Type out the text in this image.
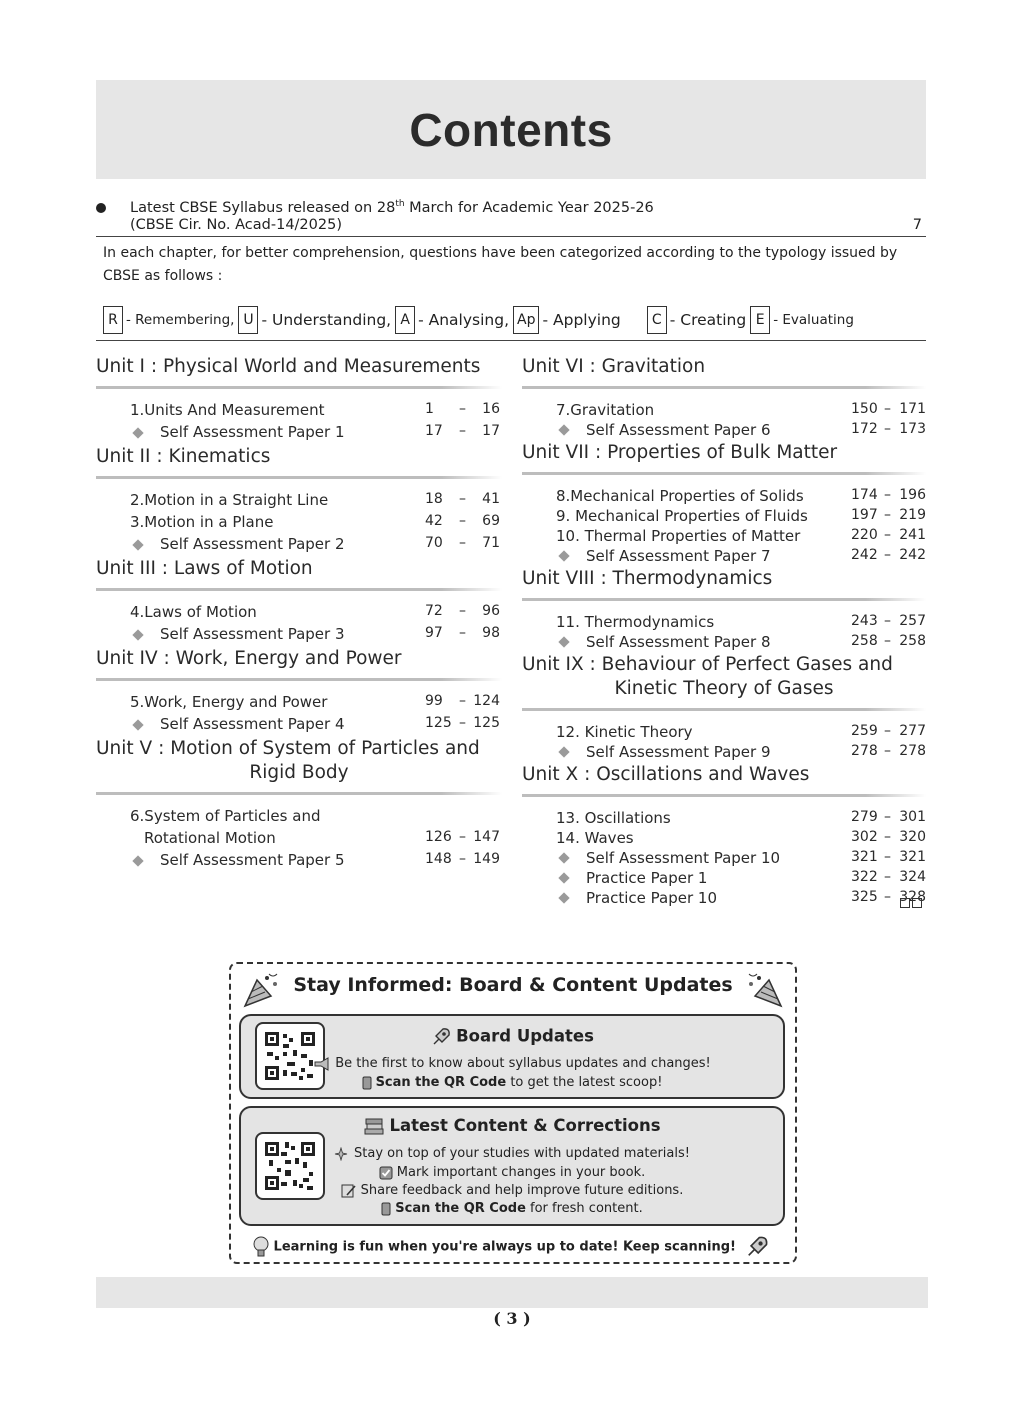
Contents
Latest CBSE Syllabus released on 28th March for Academic Year 2025-26
(CBSE Cir. No. Acad-14/2025)	7
In each chapter, for better comprehension, questions have been categorized according to the typology issued by CBSE as follows :
R - Remembering, U - Understanding, A - Analysing, Ap - Applying	C - Creating E - Evaluating
Unit I : Physical World and Measurements
1.Units And Measurement	1 – 16
Self Assessment Paper 1	17 – 17
Unit II : Kinematics
2.Motion in a Straight Line	18 – 41
3.Motion in a Plane	42 – 69
Self Assessment Paper 2	70 – 71
Unit III : Laws of Motion
4.Laws of Motion	72 – 96
Self Assessment Paper 3	97 – 98
Unit IV : Work, Energy and Power
5.Work, Energy and Power	99 – 124
Self Assessment Paper 4	125 – 125
Unit V : Motion of System of Particles and
Rigid Body
6.System of Particles and
Rotational Motion	126 – 147
Self Assessment Paper 5	148 – 149
Unit VI : Gravitation
7.Gravitation	150 – 171
Self Assessment Paper 6	172 – 173
Unit VII : Properties of Bulk Matter
8.Mechanical Properties of Solids	174 – 196
9. Mechanical Properties of Fluids	197 – 219
10. Thermal Properties of Matter	220 – 241
Self Assessment Paper 7	242 – 242
Unit VIII : Thermodynamics
11. Thermodynamics	243 – 257
Self Assessment Paper 8	258 – 258
Unit IX : Behaviour of Perfect Gases and
Kinetic Theory of Gases
12. Kinetic Theory	259 – 277
Self Assessment Paper 9	278 – 278
Unit X : Oscillations and Waves
13. Oscillations	279 – 301
14. Waves	302 – 320
Self Assessment Paper 10	321 – 321
Practice Paper 1	322 – 324
Practice Paper 10	325 – 328
Stay Informed: Board & Content Updates
Board Updates
Be the first to know about syllabus updates and changes!
Scan the QR Code to get the latest scoop!
Latest Content & Corrections
Stay on top of your studies with updated materials!
Mark important changes in your book.
Share feedback and help improve future editions.
Scan the QR Code for fresh content.
Learning is fun when you're always up to date! Keep scanning!
( 3 )
